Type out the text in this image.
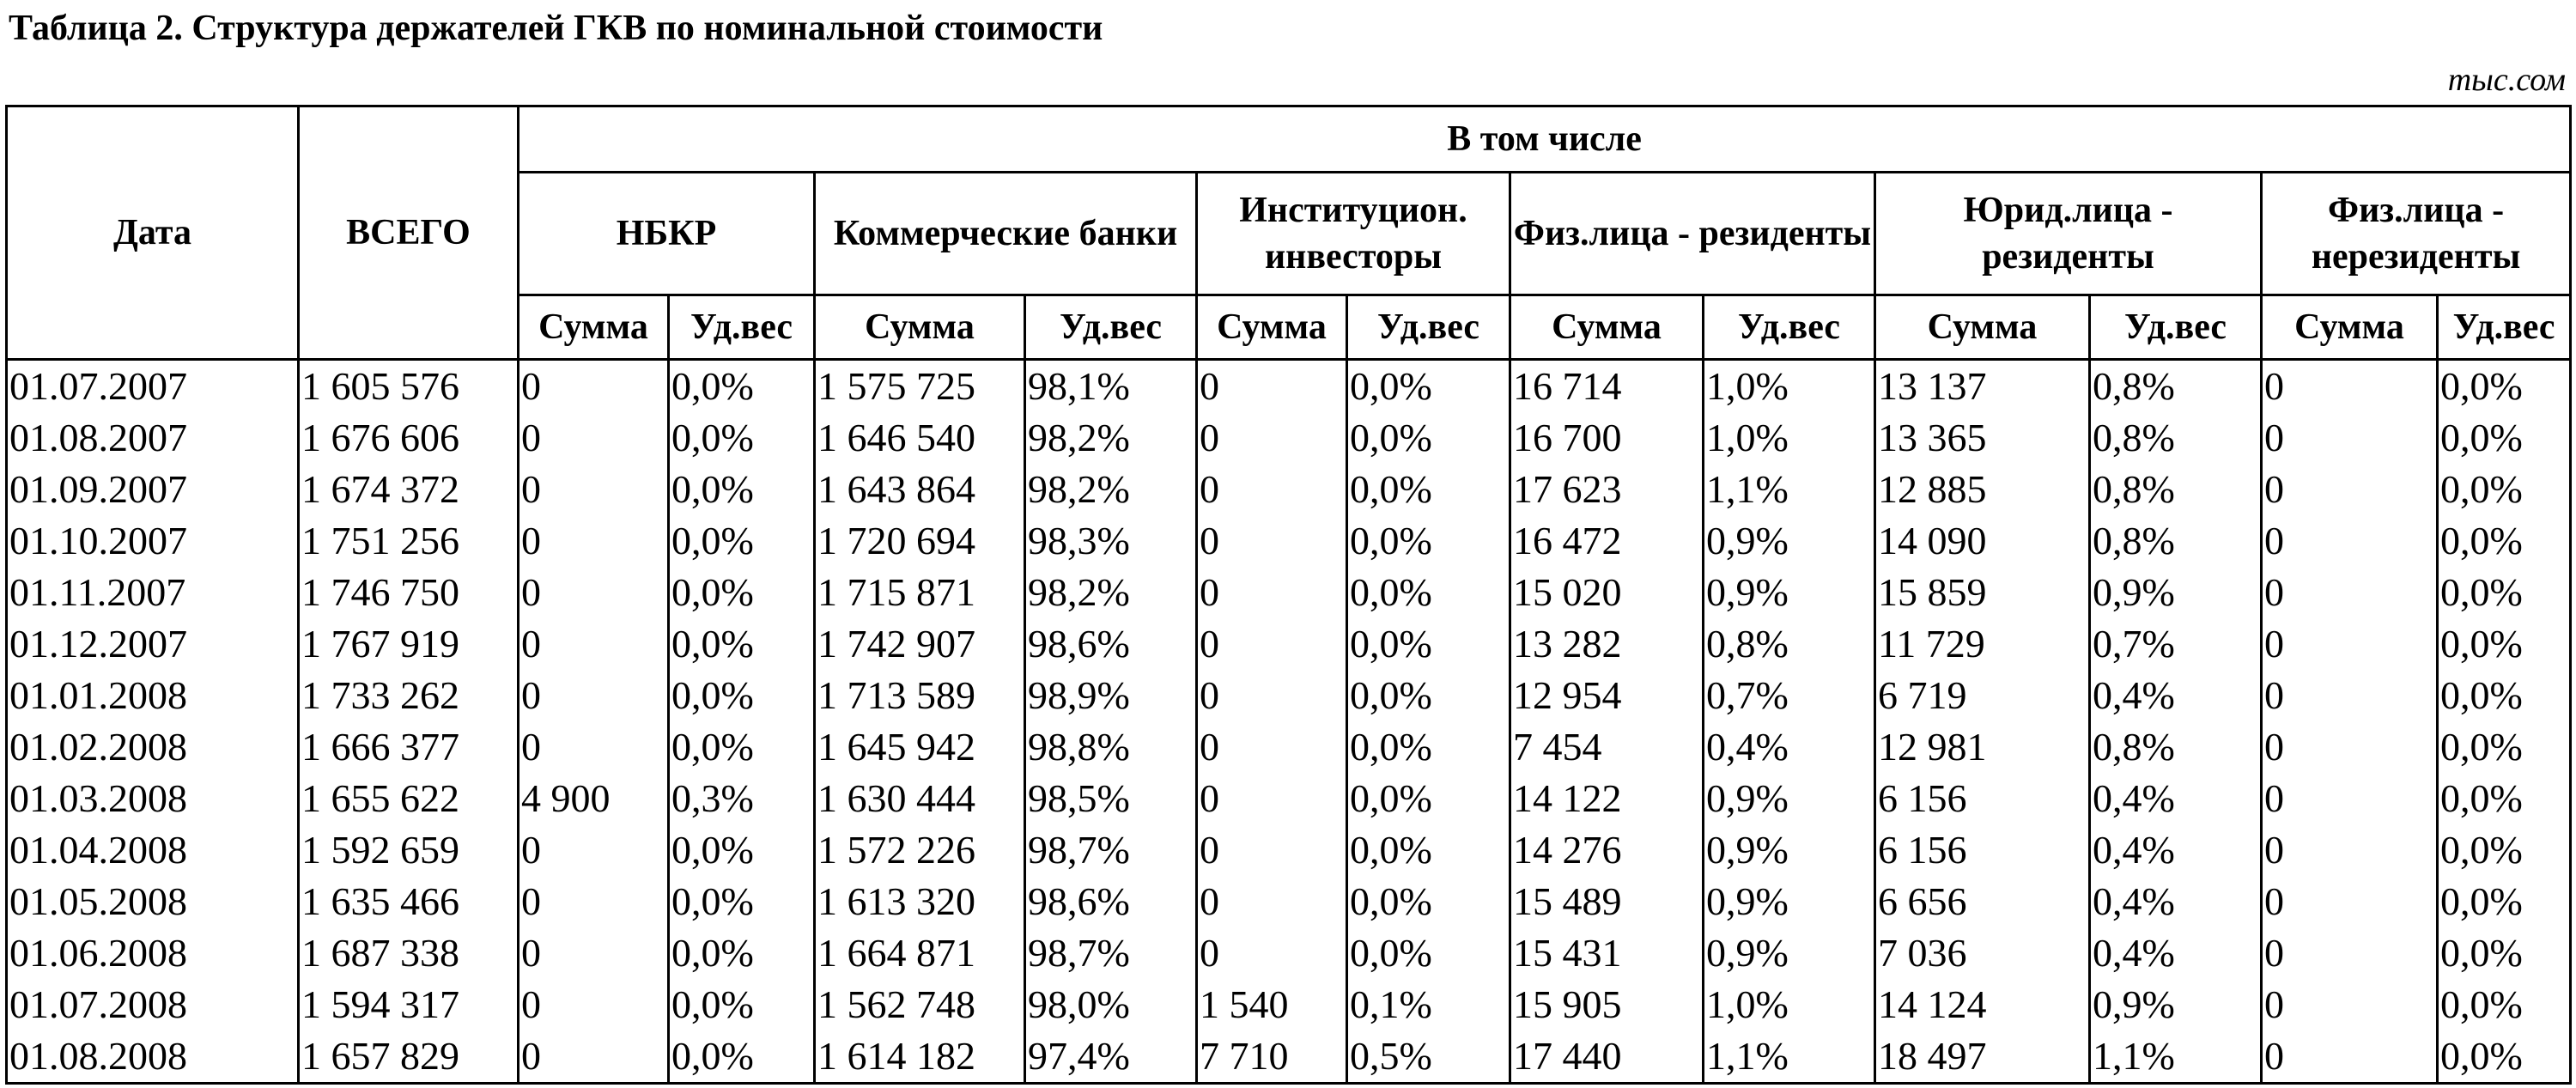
Таблица 2. Структура держателей ГКВ по номинальной стоимости
тыс.сом
Дата	ВСЕГО	В том числе											
		НБКР		Коммерческие банки		Институцион. инвесторы		Физ.лица - резиденты		Юрид.лица - резиденты		Физ.лица - нерезиденты	
		Сумма	Уд.вес	Сумма	Уд.вес	Сумма	Уд.вес	Сумма	Уд.вес	Сумма	Уд.вес	Сумма	Уд.вес
01.07.2007	1 605 576	0	0,0%	1 575 725	98,1%	0	0,0%	16 714	1,0%	13 137	0,8%	0	0,0%
01.08.2007	1 676 606	0	0,0%	1 646 540	98,2%	0	0,0%	16 700	1,0%	13 365	0,8%	0	0,0%
01.09.2007	1 674 372	0	0,0%	1 643 864	98,2%	0	0,0%	17 623	1,1%	12 885	0,8%	0	0,0%
01.10.2007	1 751 256	0	0,0%	1 720 694	98,3%	0	0,0%	16 472	0,9%	14 090	0,8%	0	0,0%
01.11.2007	1 746 750	0	0,0%	1 715 871	98,2%	0	0,0%	15 020	0,9%	15 859	0,9%	0	0,0%
01.12.2007	1 767 919	0	0,0%	1 742 907	98,6%	0	0,0%	13 282	0,8%	11 729	0,7%	0	0,0%
01.01.2008	1 733 262	0	0,0%	1 713 589	98,9%	0	0,0%	12 954	0,7%	6 719	0,4%	0	0,0%
01.02.2008	1 666 377	0	0,0%	1 645 942	98,8%	0	0,0%	7 454	0,4%	12 981	0,8%	0	0,0%
01.03.2008	1 655 622	4 900	0,3%	1 630 444	98,5%	0	0,0%	14 122	0,9%	6 156	0,4%	0	0,0%
01.04.2008	1 592 659	0	0,0%	1 572 226	98,7%	0	0,0%	14 276	0,9%	6 156	0,4%	0	0,0%
01.05.2008	1 635 466	0	0,0%	1 613 320	98,6%	0	0,0%	15 489	0,9%	6 656	0,4%	0	0,0%
01.06.2008	1 687 338	0	0,0%	1 664 871	98,7%	0	0,0%	15 431	0,9%	7 036	0,4%	0	0,0%
01.07.2008	1 594 317	0	0,0%	1 562 748	98,0%	1 540	0,1%	15 905	1,0%	14 124	0,9%	0	0,0%
01.08.2008	1 657 829	0	0,0%	1 614 182	97,4%	7 710	0,5%	17 440	1,1%	18 497	1,1%	0	0,0%
